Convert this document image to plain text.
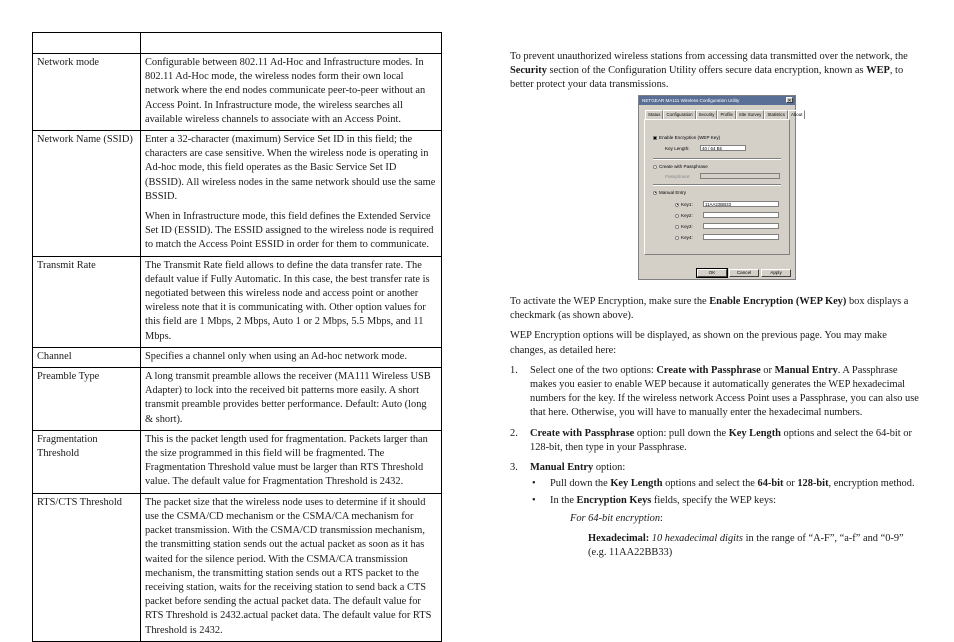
Network mode	Configurable between 802.11 Ad-Hoc and Infrastructure modes. In 802.11 Ad-Hoc mode, the wireless nodes form their own local network where the end nodes communicate peer-to-peer without an Access Point. In Infrastructure mode, the wireless searches all available wireless channels to associate with an Access Point.

Network Name (SSID)	Enter a 32-character (maximum) Service Set ID in this field; the characters are case sensitive. When the wireless node is operating in Ad-hoc mode, this field operates as the Basic Service Set ID (BSSID). All wireless nodes in the same network should use the same BSSID.

When in Infrastructure mode, this field defines the Extended Service Set ID (ESSID). The ESSID assigned to the wireless node is required to match the Access Point ESSID in order for them to communicate.

Transmit Rate	The Transmit Rate field allows to define the data transfer rate. The default value if Fully Automatic. In this case, the best transfer rate is negotiated between this wireless node and access point or another wireless note that it is communicating with. Other option values for this field are 1 Mbps, 2 Mbps, Auto 1 or 2 Mbps, 5.5 Mbps, and 11 Mbps.

Channel	Specifies a channel only when using an Ad-hoc network mode.

Preamble Type	A long transmit preamble allows the receiver (MA111 Wireless USB Adapter) to lock into the received bit patterns more easily. A short transmit preamble provides better performance. Default: Auto (long & short).

Fragmentation Threshold	This is the packet length used for fragmentation. Packets larger than the size programmed in this field will be fragmented. The Fragmentation Threshold value must be larger than RTS Threshold value. The default value for Fragmentation Threshold is 2432.

RTS/CTS Threshold	The packet size that the wireless node uses to determine if it should use the CSMA/CD mechanism or the CSMA/CA mechanism for packet transmission. With the CSMA/CD transmission mechanism, the transmitting station sends out the actual packet as soon as it has waited for the silence period. With the CSMA/CA transmission mechanism, the transmitting station sends out a RTS packet to the receiving station, waits for the receiving station to send back a CTS packet before sending the actual packet data. The default value for RTS Threshold is 2432.actual packet data. The default value for RTS Threshold is 2432.

To prevent unauthorized wireless stations from accessing data transmitted over the network, the Security section of the Configuration Utility offers secure data encryption, known as WEP, to better protect your data transmissions.

NETGEAR MA111 Wireless Configuration Utility	✕
Status Configuration Security Profile Site Survey Statistics About
Enable Encryption (WEP Key)
Key Length:	40 / 64 Bit
Create with Passphrase
Passphrase:
Manual Entry
Key1:	11AA22BB33
Key2:
Key3:
Key4:
OK	Cancel	Apply

To activate the WEP Encryption, make sure the Enable Encryption (WEP Key) box displays a checkmark (as shown above).

WEP Encryption options will be displayed, as shown on the previous page. You may make changes, as detailed here:

1. Select one of the two options: Create with Passphrase or Manual Entry. A Passphrase makes you easier to enable WEP because it automatically generates the WEP hexadecimal numbers for the key. If the wireless network Access Point uses a Passphrase, you can also use that here. Otherwise, you will have to manually enter the hexadecimal numbers.
2. Create with Passphrase option: pull down the Key Length options and select the 64-bit or 128-bit, then type in your Passphrase.
3. Manual Entry option:
• Pull down the Key Length options and select the 64-bit or 128-bit, encryption method.
• In the Encryption Keys fields, specify the WEP keys:
For 64-bit encryption:
Hexadecimal: 10 hexadecimal digits in the range of “A-F”, “a-f” and “0-9”
(e.g. 11AA22BB33)
